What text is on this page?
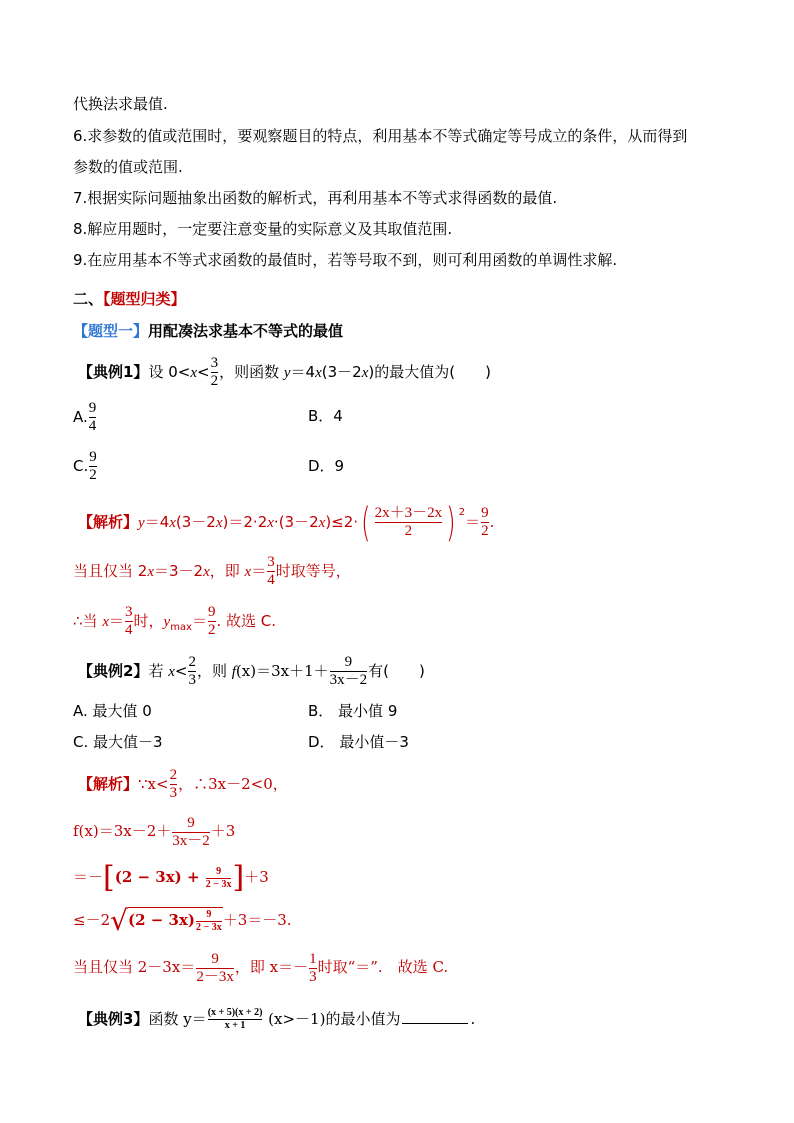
代换法求最值.
6.求参数的值或范围时，要观察题目的特点，利用基本不等式确定等号成立的条件，从而得到
参数的值或范围.
7.根据实际问题抽象出函数的解析式，再利用基本不等式求得函数的最值.
8.解应用题时，一定要注意变量的实际意义及其取值范围.
9.在应用基本不等式求函数的最值时，若等号取不到，则可利用函数的单调性求解.
二、【题型归类】
【题型一】用配凑法求基本不等式的最值
【典例1】设 $0<x< \frac{3}{2}$ ，则函数 y＝4x(3－2x)的最大值为(　　)
A. $\frac{9}{4}$	B．4
C. $\frac{9}{2}$	D．9
【解析】$y=4x(3-2x)=2\cdot 2x\cdot(3-2x)\le 2\cdot( \frac{2x+3-2x}{2}$ ) $^2= \frac{9}{2}$ .
当且仅当 2x＝3－2x，即 $x= \frac{3}{4}$ 时取等号，
∴当 $x= \frac{3}{4}$ 时，$y_{max}= \frac{9}{2}$ . 故选 C.
【典例2】若 $x< \frac{2}{3}$ ，则 $f(x)=3x+1+ \frac{9}{3x-2}$ 有(　　)
A. 最大值 0	B． 最小值 9
C. 最大值－3	D． 最小值－3
【解析】∵x< $\frac{2}{3}$ ，∴3x－2<0，
$f(x)=3x-2+ \frac{9}{3x-2} +3$
$=-[(2 - 3x) + \frac{9}{2 - 3x} ]+3$
$\le-2√(2 - 3x) \frac{9}{2 - 3x} +3=-3$.
当且仅当 $2-3x= \frac{9}{2-3x}$ ，即 $x=- \frac{1}{3}$ 时取“＝”.　故选 C.
【典例3】函数 $y= \frac{(x + 5)(x + 2)}{x + 1} (x>-1)$的最小值为	.
